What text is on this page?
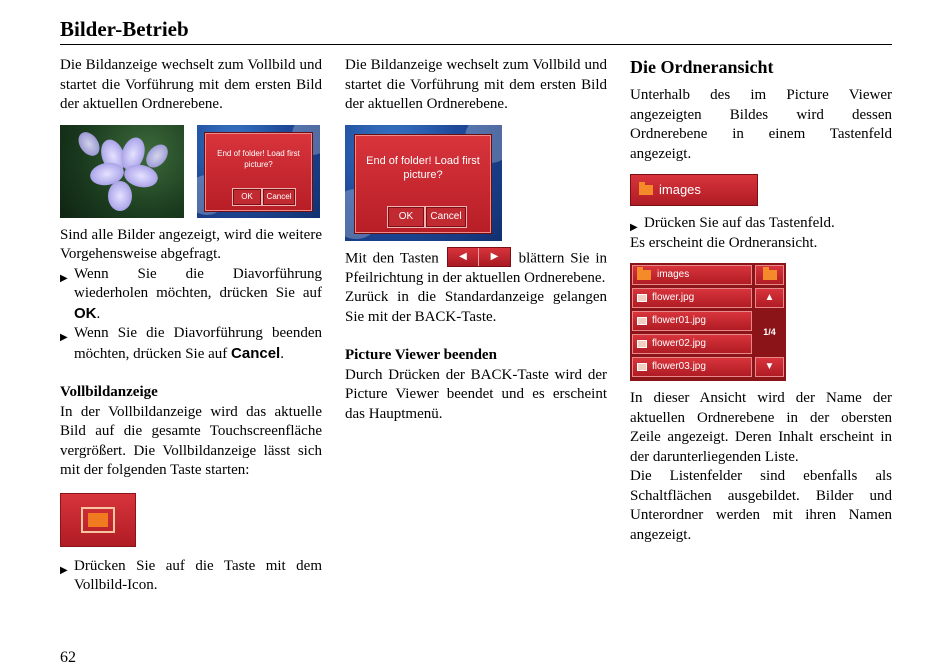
Bilder-Betrieb

Die Bildanzeige wechselt zum Vollbild und startet die Vorführung mit dem ersten Bild der aktuellen Ordnerebene.

End of folder! Load first picture?
OK	Cancel

Sind alle Bilder angezeigt, wird die weitere Vorgehensweise abgefragt.

▶ Wenn Sie die Diavorführung wiederholen möchten, drücken Sie auf OK.

▶ Wenn Sie die Diavorführung beenden möchten, drücken Sie auf Cancel.

Vollbildanzeige

In der Vollbildanzeige wird das aktuelle Bild auf die gesamte Touchscreenfläche vergrößert. Die Vollbildanzeige lässt sich mit der folgenden Taste starten:

▶ Drücken Sie auf die Taste mit dem Vollbild-Icon.

Die Bildanzeige wechselt zum Vollbild und startet die Vorführung mit dem ersten Bild der aktuellen Ordnerebene.

End of folder! Load first picture?
OK	Cancel

Mit den Tasten	◀	▶	blättern Sie in Pfeilrichtung in der aktuellen Ordnerebene.

Zurück in die Standardanzeige gelangen Sie mit der BACK-Taste.

Picture Viewer beenden

Durch Drücken der BACK-Taste wird der Picture Viewer beendet und es erscheint das Hauptmenü.

Die Ordneransicht

Unterhalb des im Picture Viewer angezeigten Bildes wird dessen Ordnerebene in einem Tastenfeld angezeigt.

images

▶ Drücken Sie auf das Tastenfeld.

Es erscheint die Ordneransicht.

images
flower.jpg
flower01.jpg
flower02.jpg
flower03.jpg
▲
1/4
▼

In dieser Ansicht wird der Name der aktuellen Ordnerebene in der obersten Zeile angezeigt. Deren Inhalt erscheint in der darunterliegenden Liste.

Die Listenfelder sind ebenfalls als Schaltflächen ausgebildet. Bilder und Unterordner werden mit ihren Namen angezeigt.

62
